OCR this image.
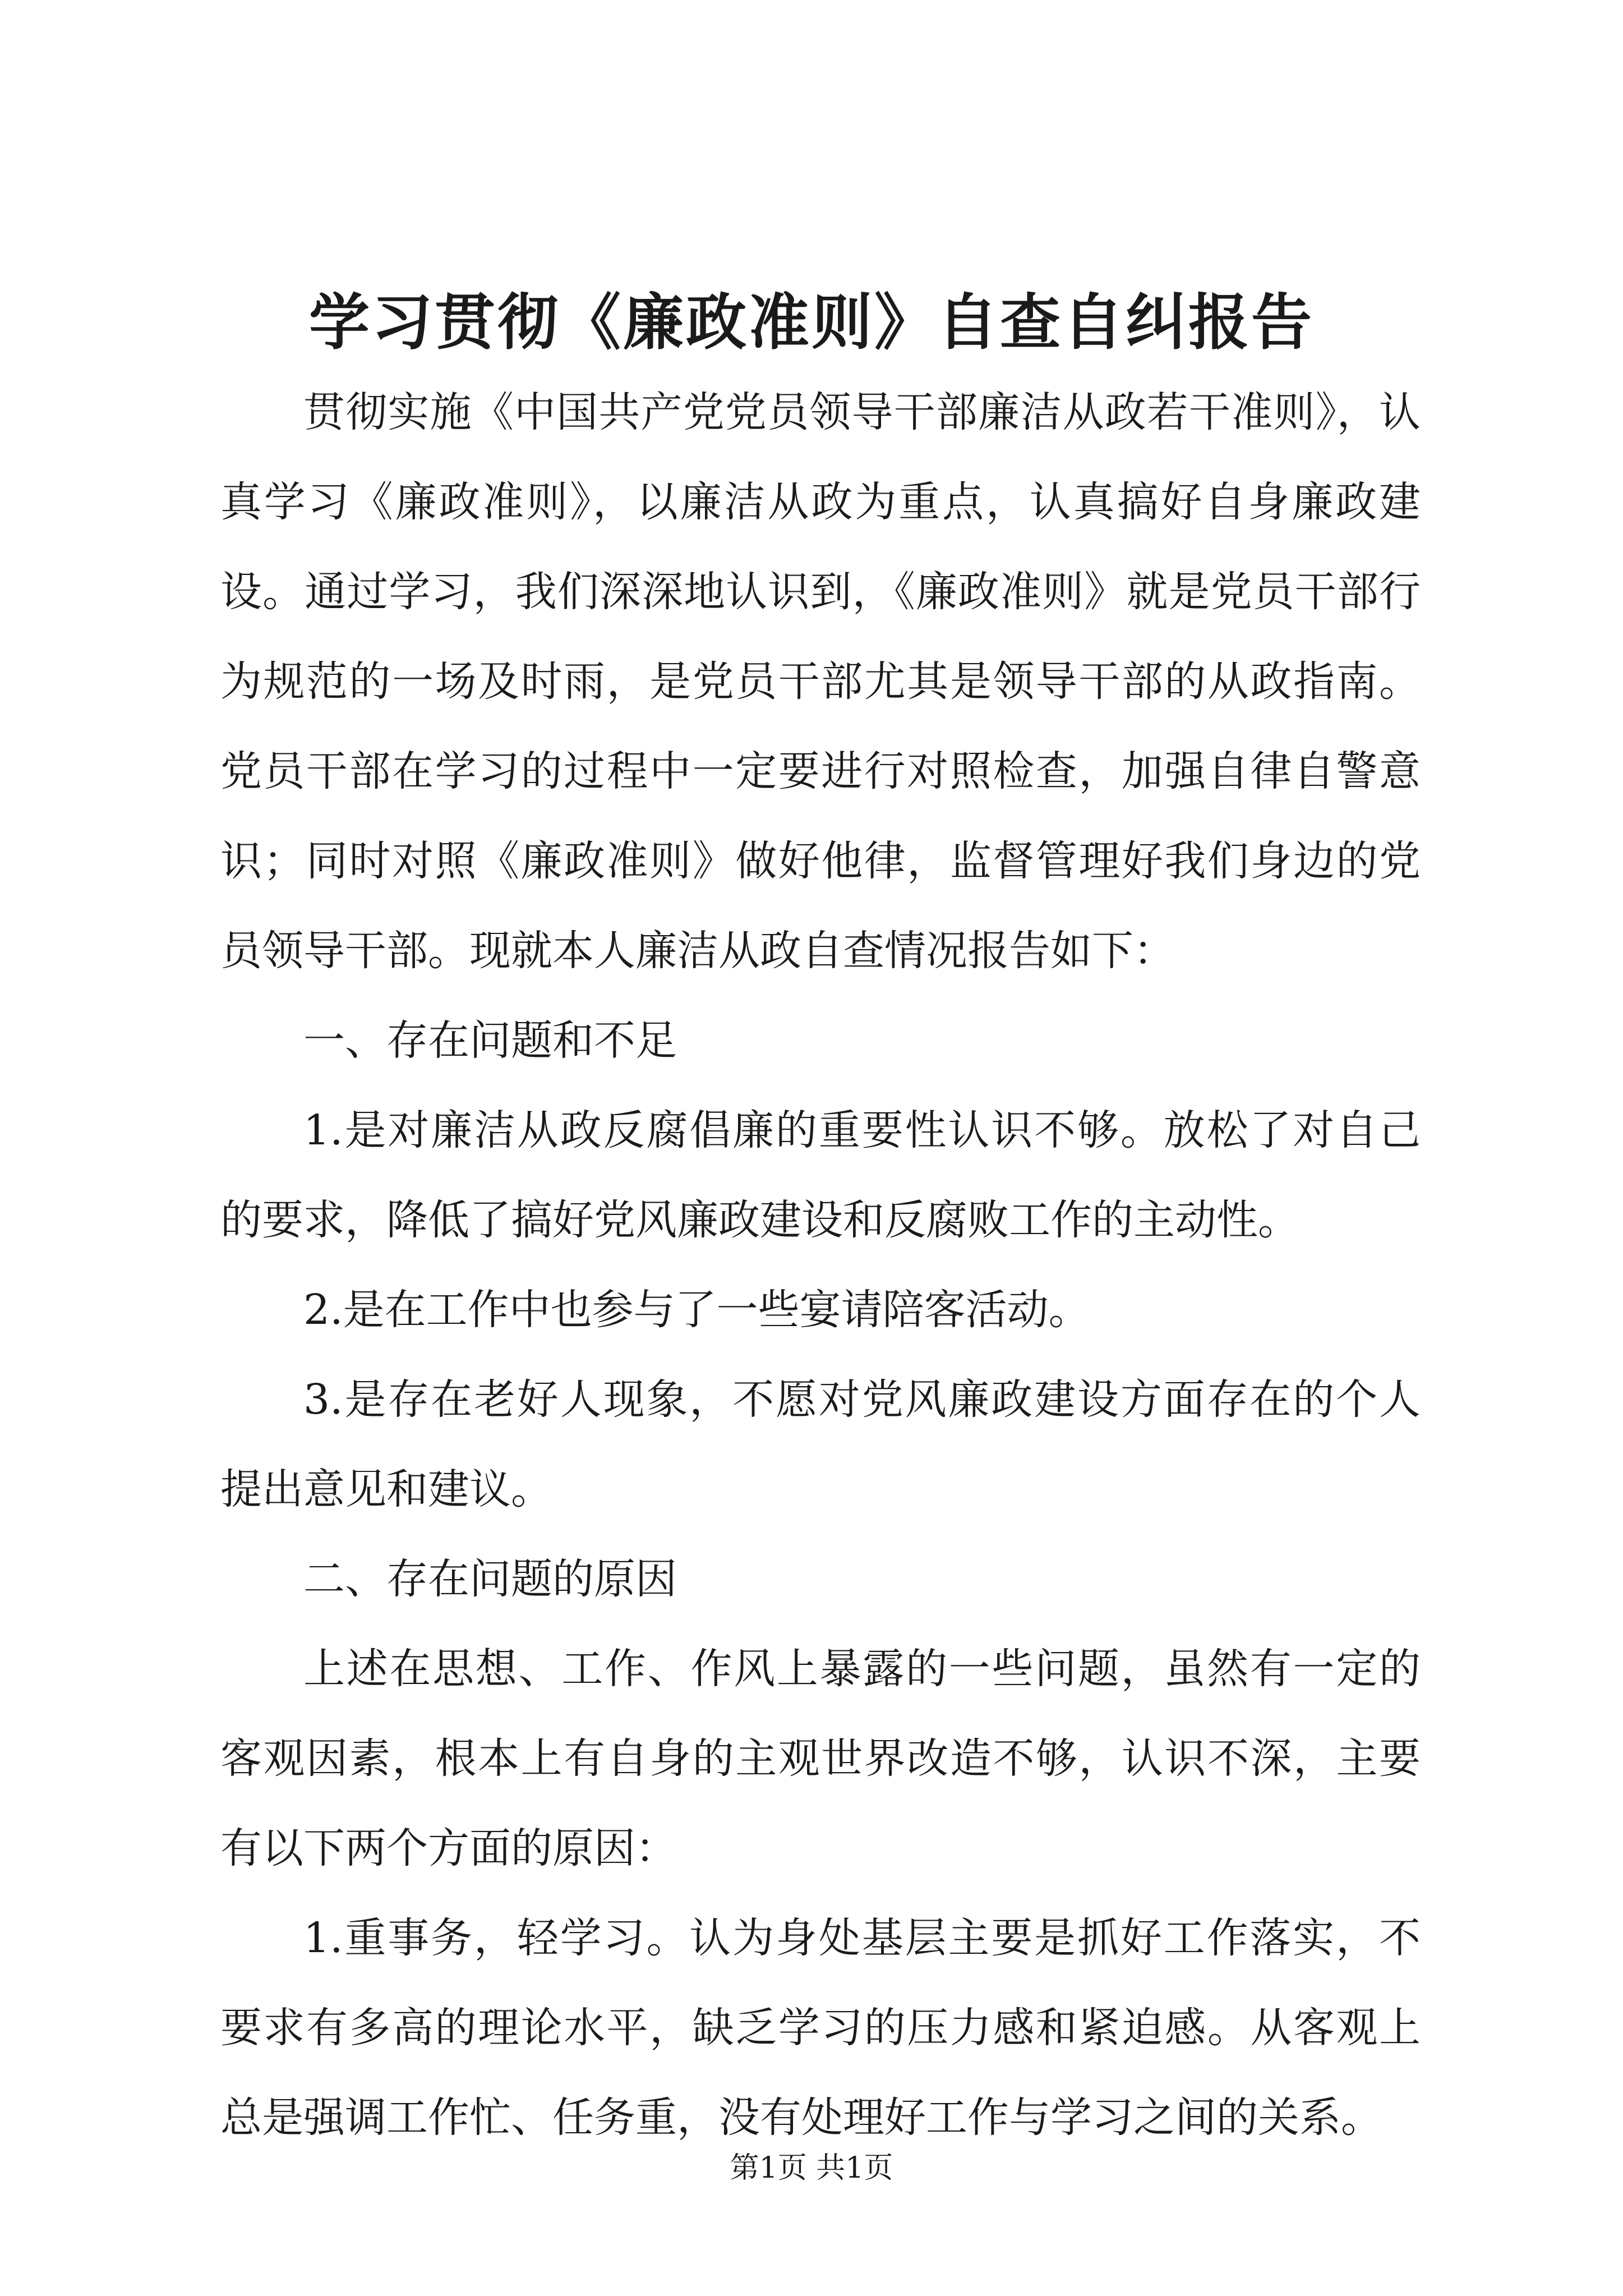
学习贯彻《廉政准则》自查自纠报告

贯彻实施《中国共产党党员领导干部廉洁从政若干准则》，认真学习《廉政准则》，以廉洁从政为重点，认真搞好自身廉政建设。通过学习，我们深深地认识到，《廉政准则》就是党员干部行为规范的一场及时雨，是党员干部尤其是领导干部的从政指南。党员干部在学习的过程中一定要进行对照检查，加强自律自警意识；同时对照《廉政准则》做好他律，监督管理好我们身边的党员领导干部。现就本人廉洁从政自查情况报告如下：

一、存在问题和不足

1.是对廉洁从政反腐倡廉的重要性认识不够。放松了对自己的要求，降低了搞好党风廉政建设和反腐败工作的主动性。

2.是在工作中也参与了一些宴请陪客活动。

3.是存在老好人现象，不愿对党风廉政建设方面存在的个人提出意见和建议。

二、存在问题的原因

上述在思想、工作、作风上暴露的一些问题，虽然有一定的客观因素，根本上有自身的主观世界改造不够，认识不深，主要有以下两个方面的原因：

1.重事务，轻学习。认为身处基层主要是抓好工作落实，不要求有多高的理论水平，缺乏学习的压力感和紧迫感。从客观上总是强调工作忙、任务重，没有处理好工作与学习之间的关系。

第1页 共1页
